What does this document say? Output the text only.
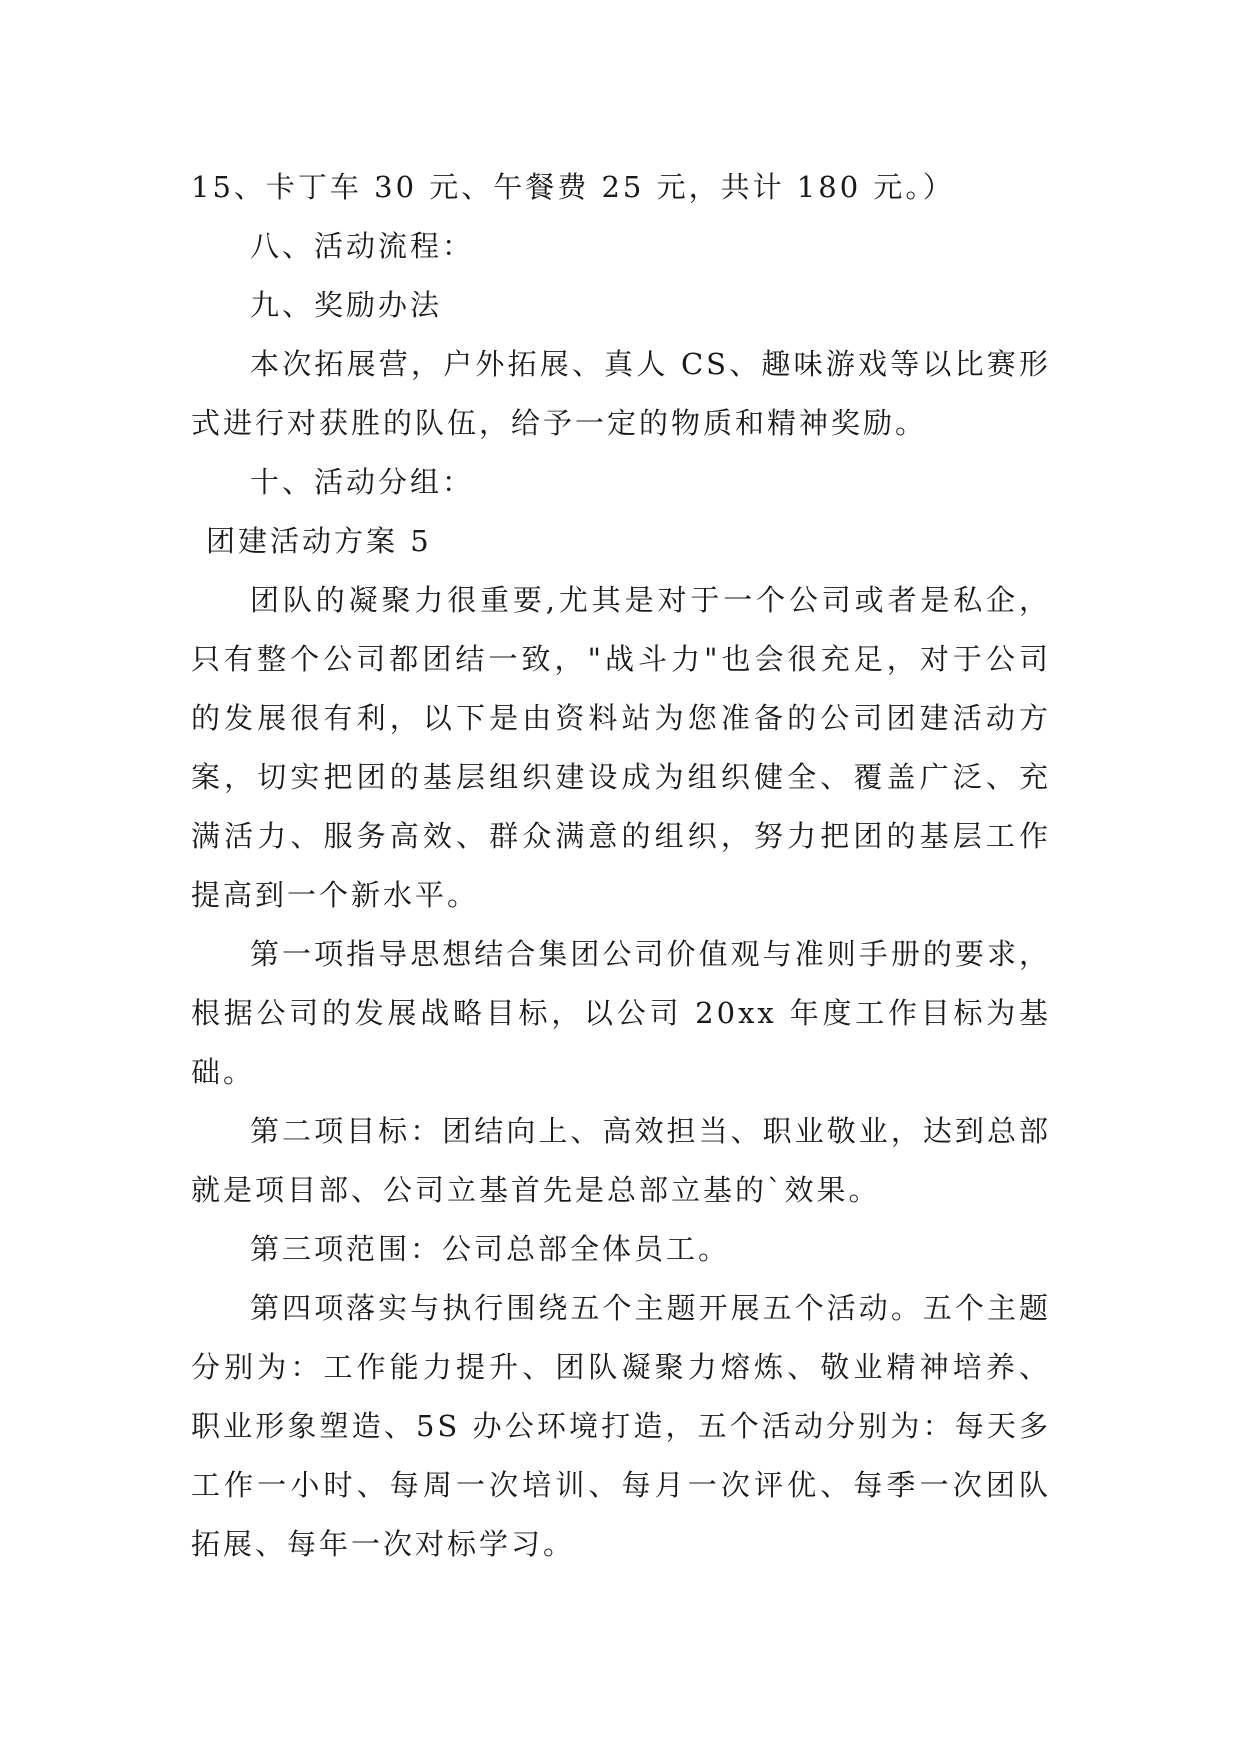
15、卡丁车 30 元、午餐费 25 元，共计 180 元。）

八、活动流程：

九、奖励办法

本次拓展营，户外拓展、真人 CS、趣味游戏等以比赛形式进行对获胜的队伍，给予一定的物质和精神奖励。

十、活动分组：

团建活动方案 5

团队的凝聚力很重要,尤其是对于一个公司或者是私企，只有整个公司都团结一致，"战斗力"也会很充足，对于公司的发展很有利，以下是由资料站为您准备的公司团建活动方案，切实把团的基层组织建设成为组织健全、覆盖广泛、充满活力、服务高效、群众满意的组织，努力把团的基层工作提高到一个新水平。

第一项指导思想结合集团公司价值观与准则手册的要求，根据公司的发展战略目标，以公司 20xx 年度工作目标为基础。

第二项目标：团结向上、高效担当、职业敬业，达到总部就是项目部、公司立基首先是总部立基的`效果。

第三项范围：公司总部全体员工。

第四项落实与执行围绕五个主题开展五个活动。五个主题分别为：工作能力提升、团队凝聚力熔炼、敬业精神培养、职业形象塑造、5S 办公环境打造，五个活动分别为：每天多工作一小时、每周一次培训、每月一次评优、每季一次团队拓展、每年一次对标学习。
